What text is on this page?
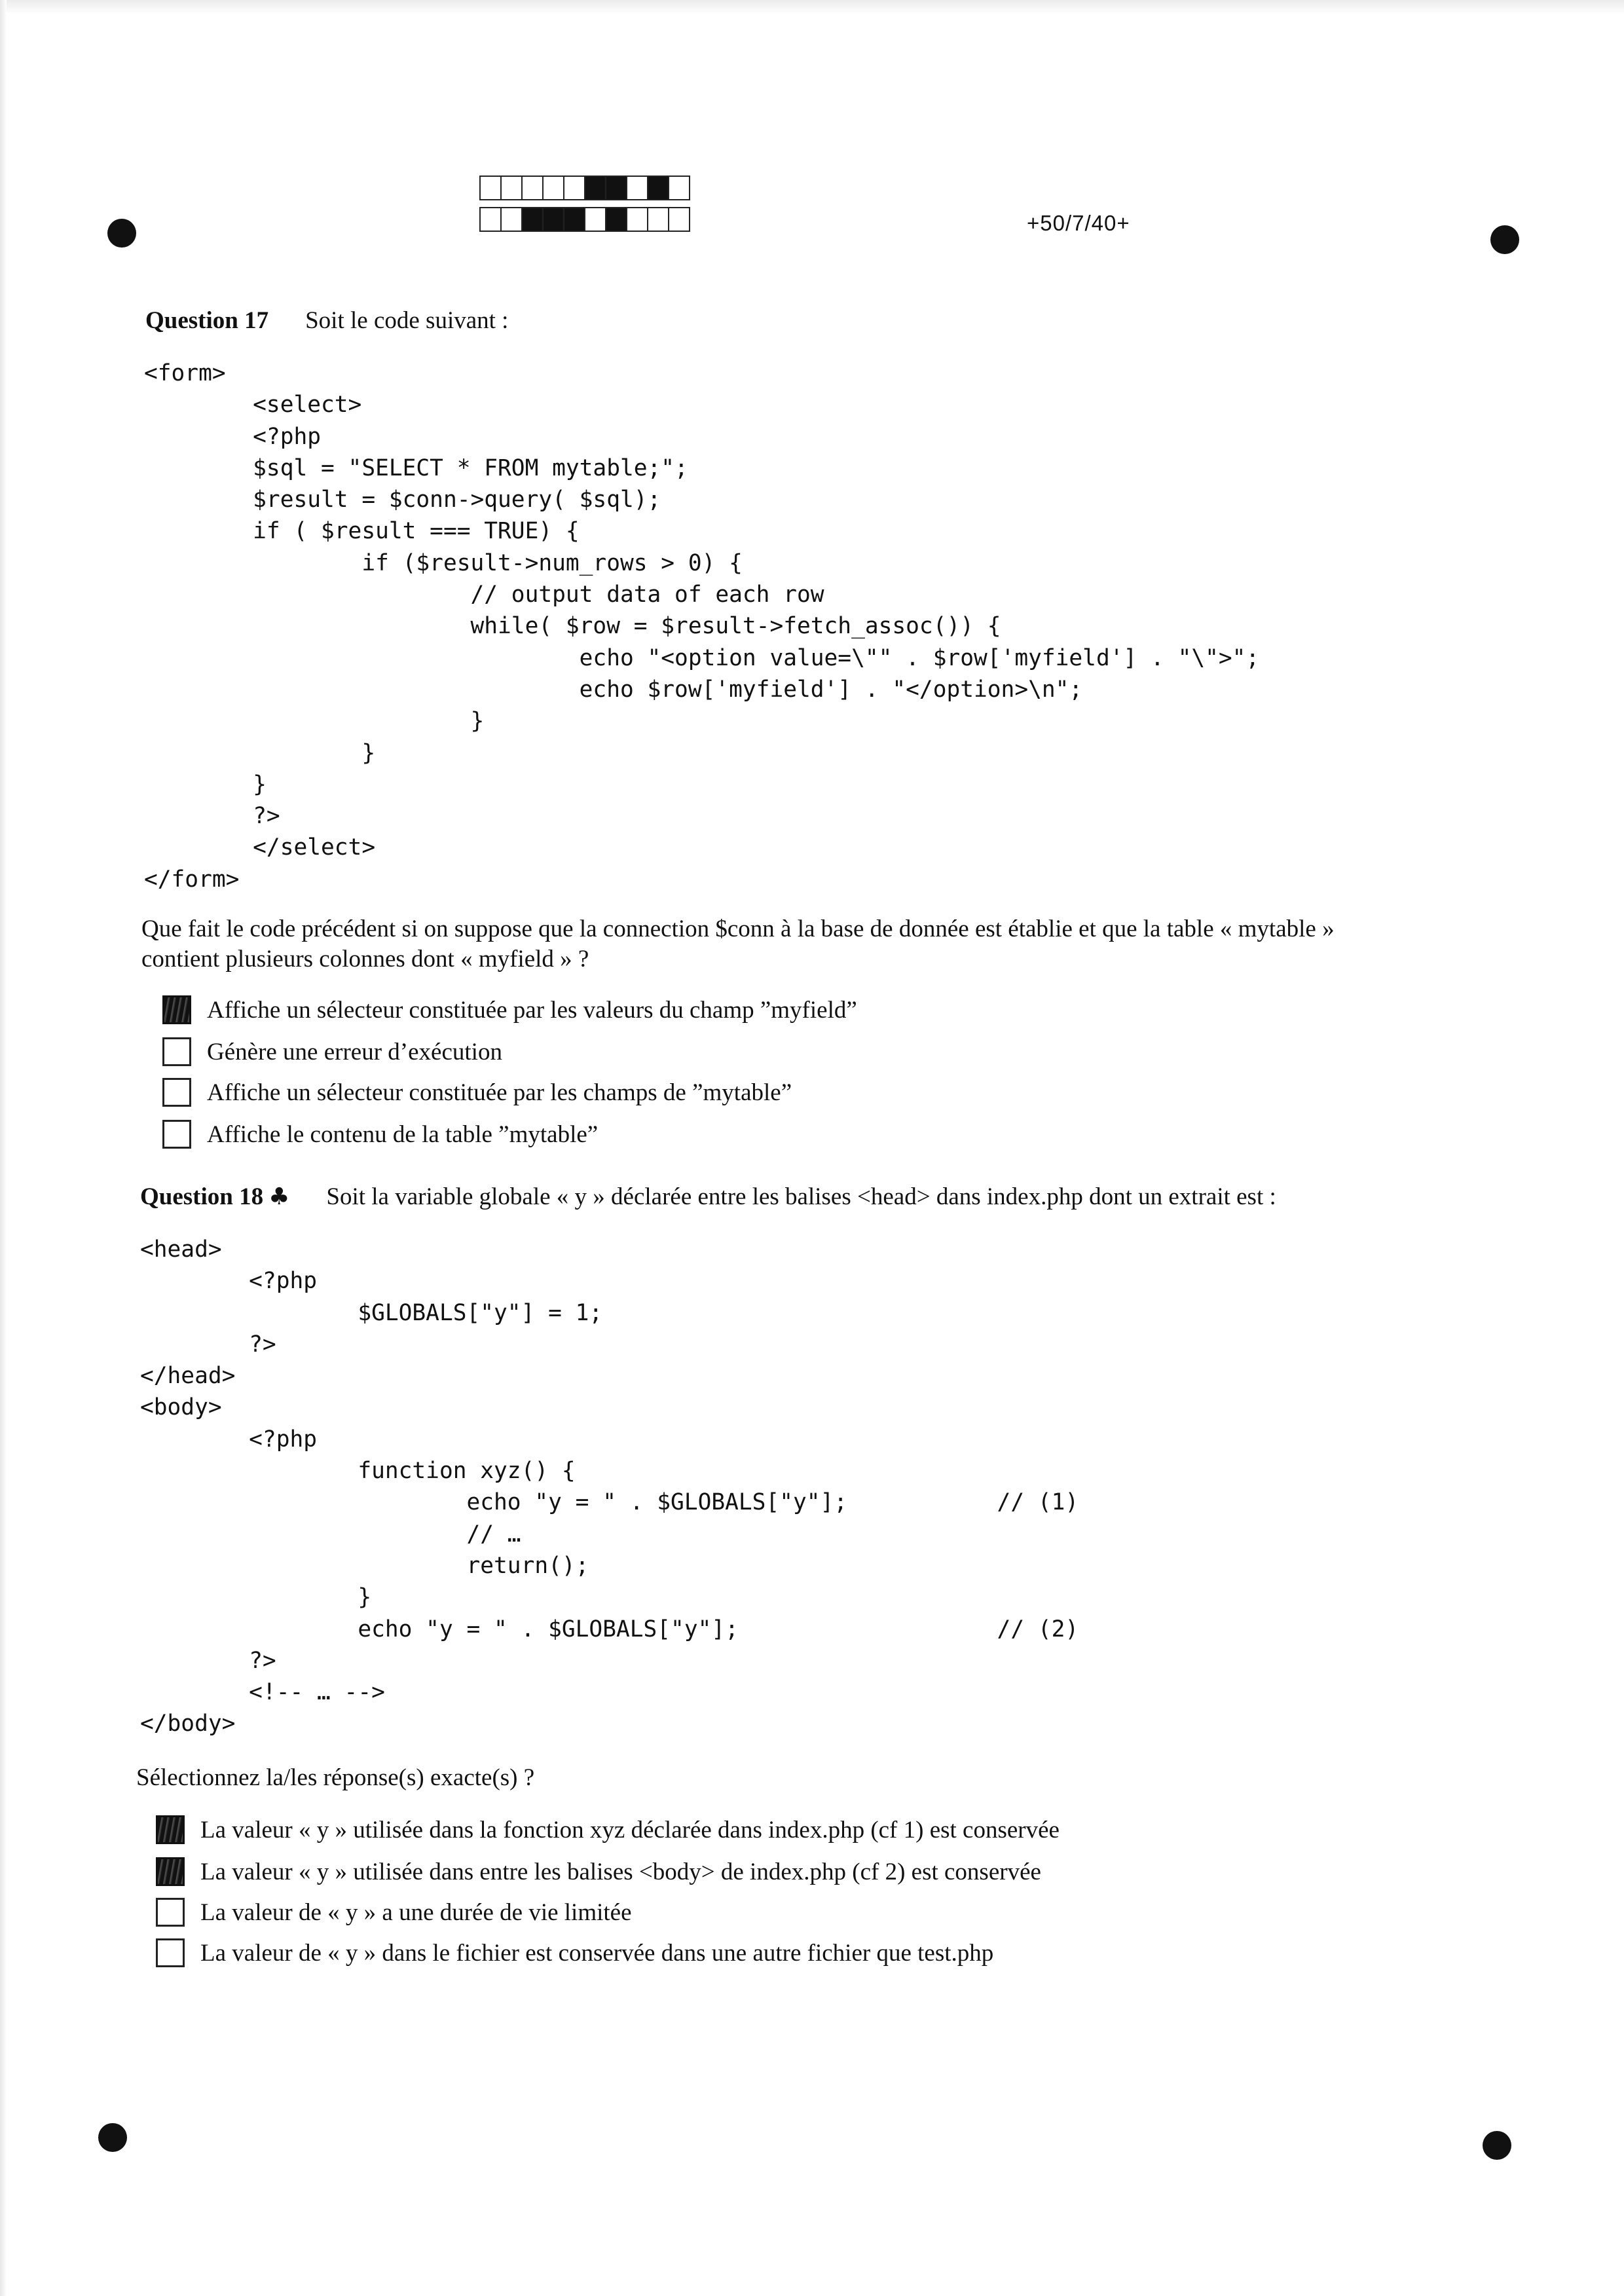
+50/7/40+
Question 17 Soit le code suivant :
<form>
<select>
<?php
$sql = "SELECT * FROM mytable;";
$result = $conn->query( $sql);
if ( $result === TRUE) {
if ($result->num_rows > 0) {
// output data of each row
while( $row = $result->fetch_assoc()) {
echo "<option value=\"" . $row['myfield'] . "\">";
echo $row['myfield'] . "</option>\n";
}
}
}
?>
</select>
</form>
Que fait le code précédent si on suppose que la connection $conn à la base de donnée est établie et que la table « mytable »
contient plusieurs colonnes dont « myfield » ?
Affiche un sélecteur constituée par les valeurs du champ ”myfield”
Génère une erreur d’exécution
Affiche un sélecteur constituée par les champs de ”mytable”
Affiche le contenu de la table ”mytable”
Question 18 ♣ Soit la variable globale « y » déclarée entre les balises <head> dans index.php dont un extrait est :
<head>
<?php
$GLOBALS["y"] = 1;
?>
</head>
<body>
<?php
function xyz() {
echo "y = " . $GLOBALS["y"];           // (1)
// …
return();
}
echo "y = " . $GLOBALS["y"];                   // (2)
?>
<!-- … -->
</body>
Sélectionnez la/les réponse(s) exacte(s) ?
La valeur « y » utilisée dans la fonction xyz déclarée dans index.php (cf 1) est conservée
La valeur « y » utilisée dans entre les balises <body> de index.php (cf 2) est conservée
La valeur de « y » a une durée de vie limitée
La valeur de « y » dans le fichier est conservée dans une autre fichier que test.php
